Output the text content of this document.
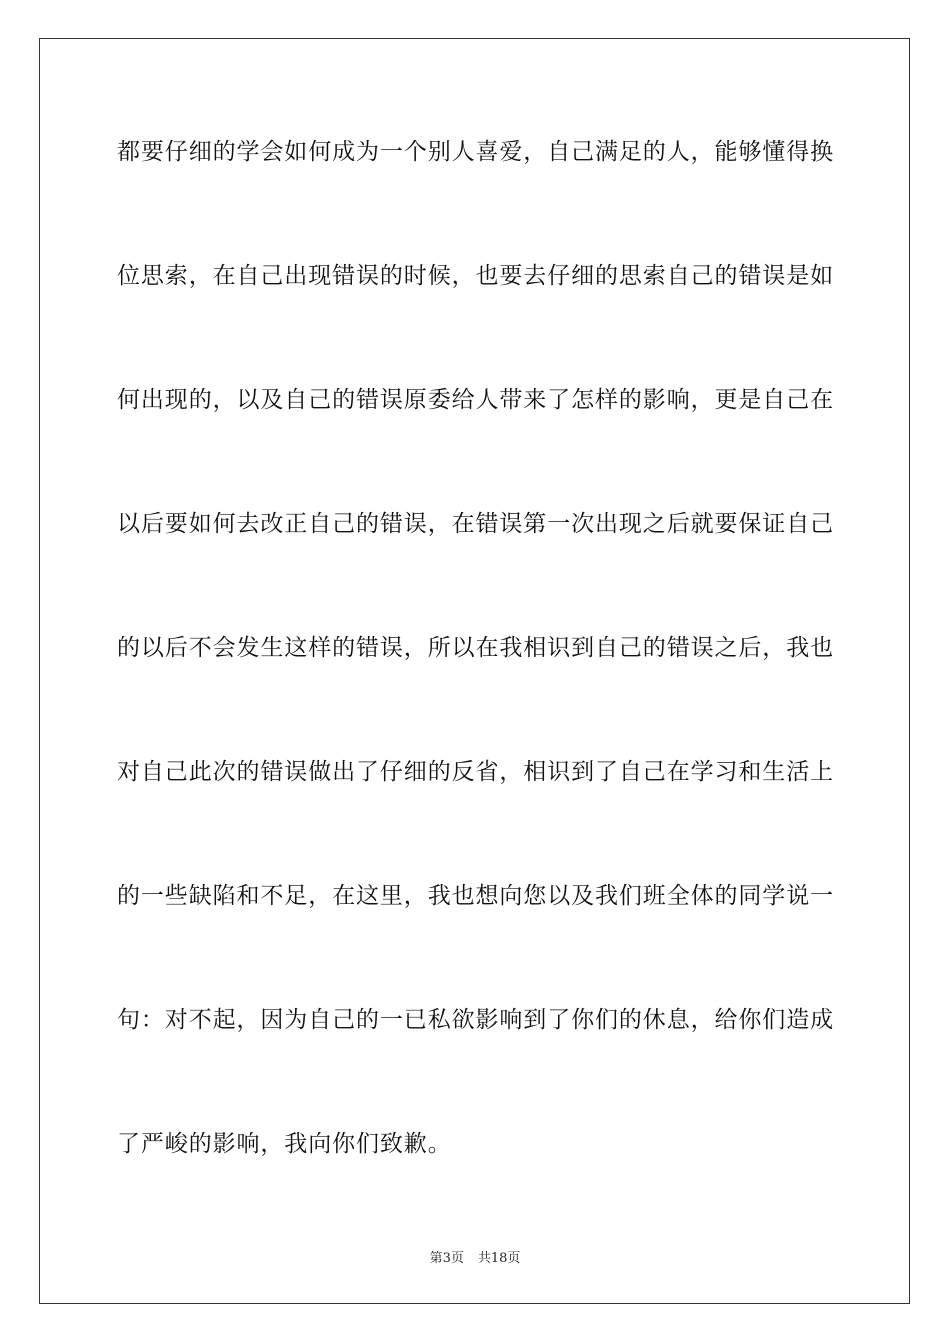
都要仔细的学会如何成为一个别人喜爱，自己满足的人，能够懂得换
位思索，在自己出现错误的时候，也要去仔细的思索自己的错误是如
何出现的，以及自己的错误原委给人带来了怎样的影响，更是自己在
以后要如何去改正自己的错误，在错误第一次出现之后就要保证自己
的以后不会发生这样的错误，所以在我相识到自己的错误之后，我也
对自己此次的错误做出了仔细的反省，相识到了自己在学习和生活上
的一些缺陷和不足，在这里，我也想向您以及我们班全体的同学说一
句：对不起，因为自己的一已私欲影响到了你们的休息，给你们造成
了严峻的影响，我向你们致歉。
第3页 共18页
